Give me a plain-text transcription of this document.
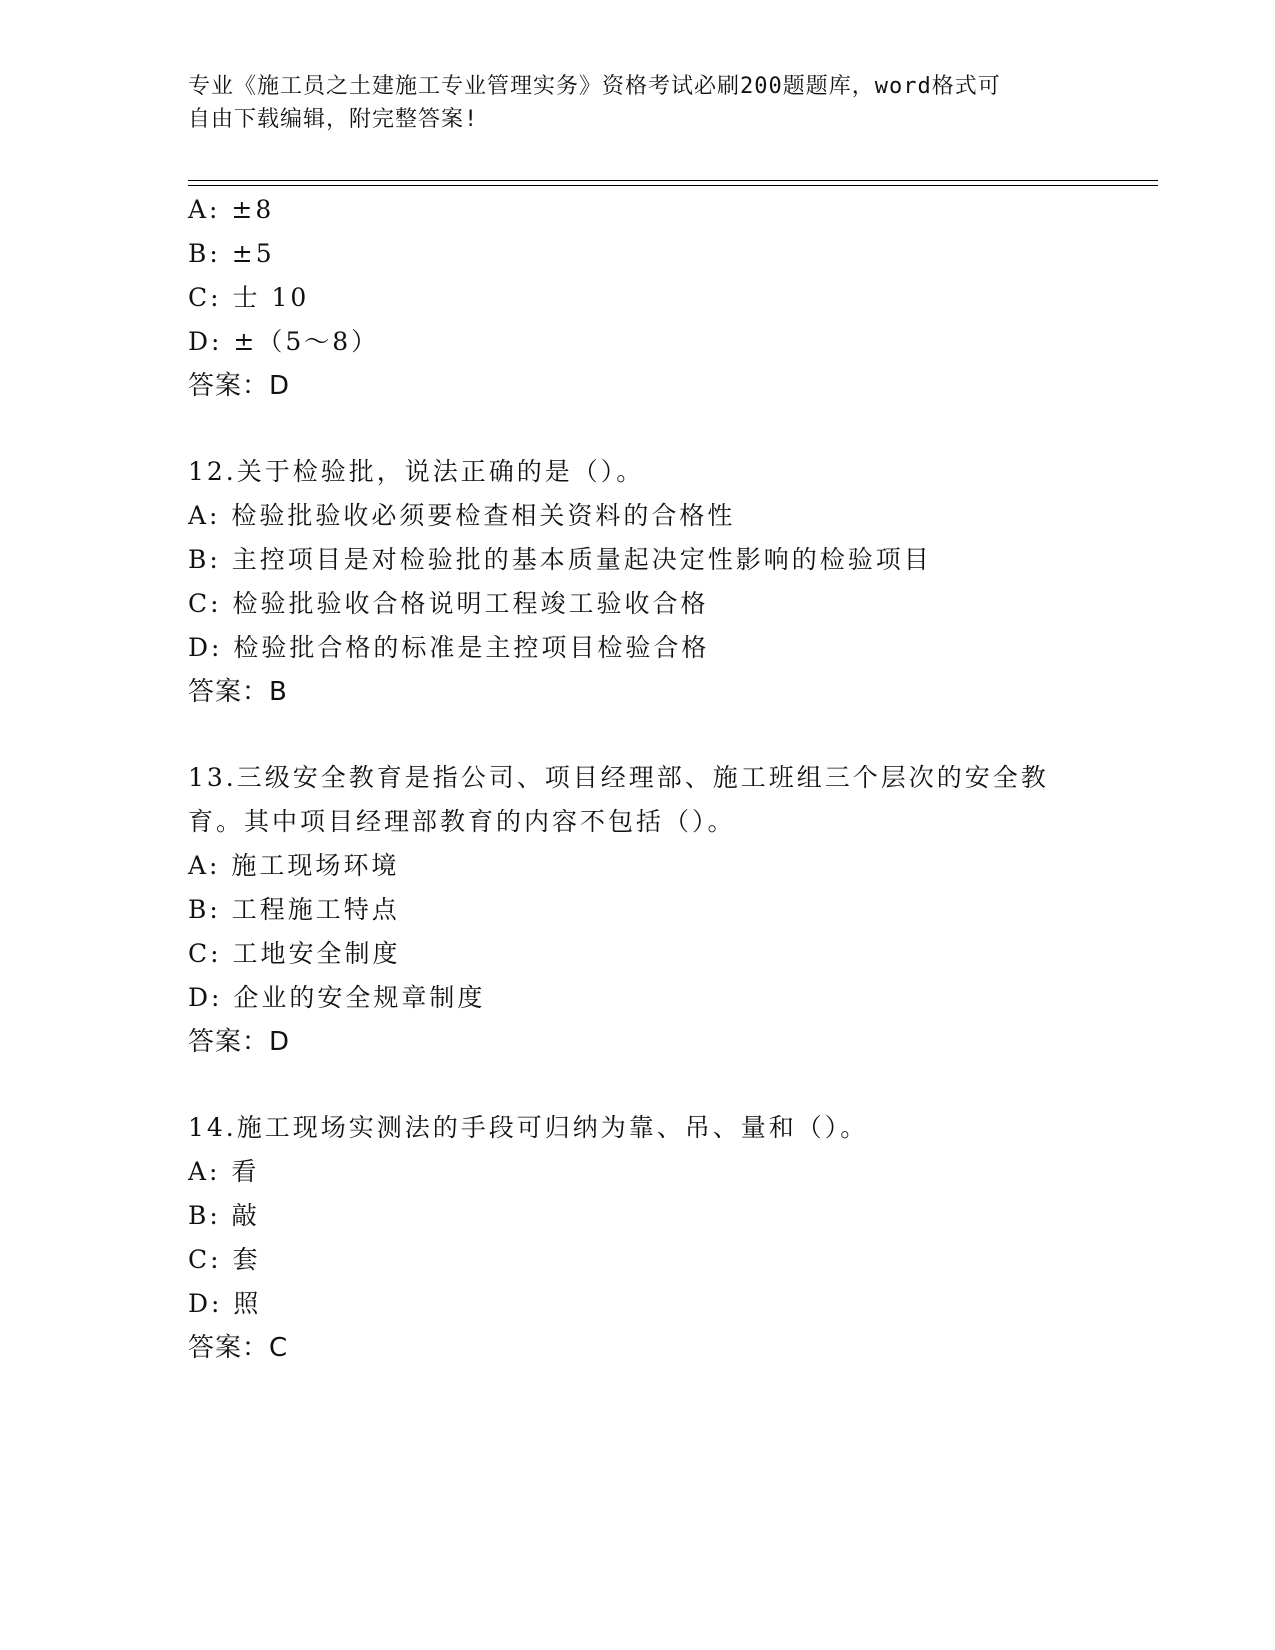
专业《施工员之土建施工专业管理实务》资格考试必刷200题题库，word格式可
自由下载编辑，附完整答案!
A: ±8
B: ±5
C: 士 10
D: ±（5～8）
答案：D
12.关于检验批，说法正确的是（）。
A: 检验批验收必须要检查相关资料的合格性
B: 主控项目是对检验批的基本质量起决定性影响的检验项目
C: 检验批验收合格说明工程竣工验收合格
D: 检验批合格的标准是主控项目检验合格
答案：B
13.三级安全教育是指公司、项目经理部、施工班组三个层次的安全教
育。其中项目经理部教育的内容不包括（）。
A: 施工现场环境
B: 工程施工特点
C: 工地安全制度
D: 企业的安全规章制度
答案：D
14.施工现场实测法的手段可归纳为靠、吊、量和（）。
A: 看
B: 敲
C: 套
D: 照
答案：C
